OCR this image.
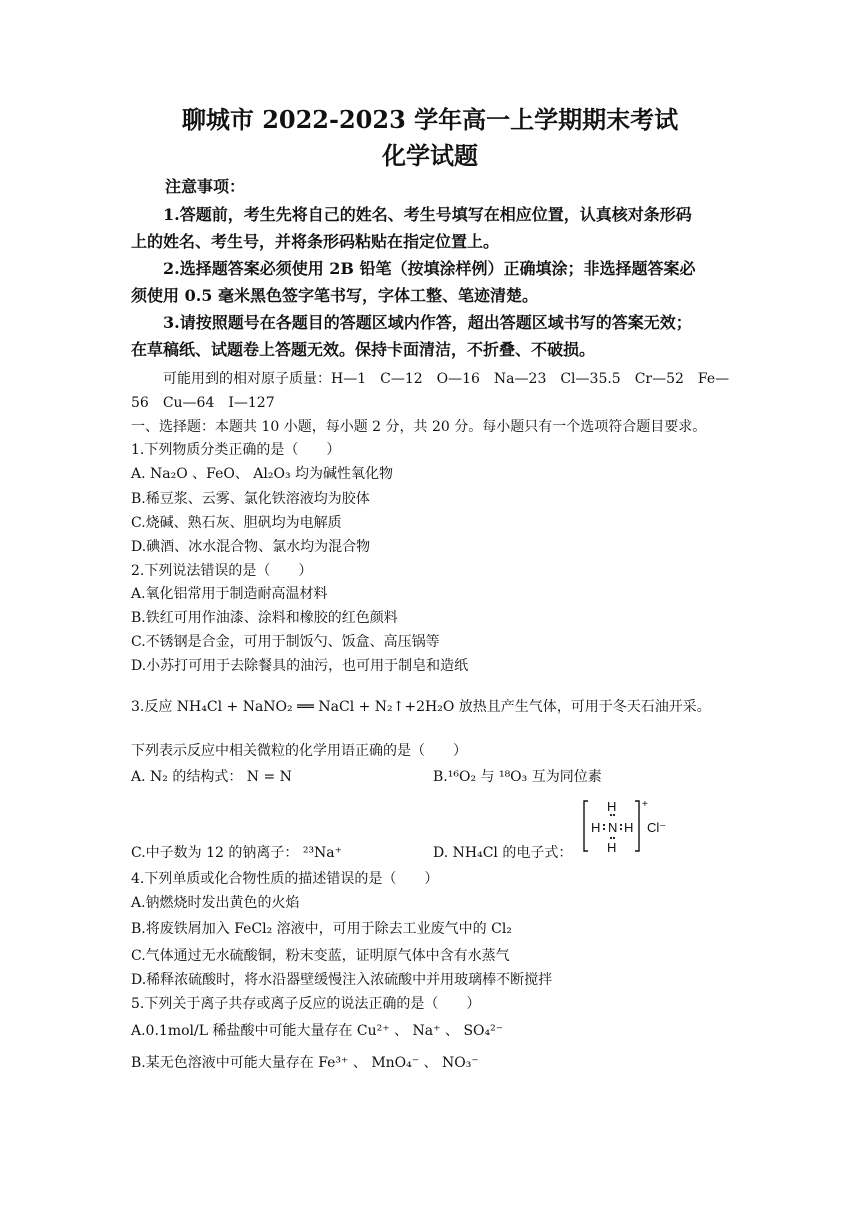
聊城市 2022-2023 学年高一上学期期末考试
化学试题
注意事项：
1.答题前，考生先将自己的姓名、考生号填写在相应位置，认真核对条形码
上的姓名、考生号，并将条形码粘贴在指定位置上。
2.选择题答案必须使用 2B 铅笔（按填涂样例）正确填涂；非选择题答案必
须使用 0.5 毫米黑色签字笔书写，字体工整、笔迹清楚。
3.请按照题号在各题目的答题区域内作答，超出答题区域书写的答案无效；
在草稿纸、试题卷上答题无效。保持卡面清洁，不折叠、不破损。
可能用到的相对原子质量：H—1　C—12　O—16　Na—23　Cl—35.5　Cr—52　Fe—
56　Cu—64　I—127
一、选择题：本题共 10 小题，每小题 2 分，共 20 分。每小题只有一个选项符合题目要求。
1.下列物质分类正确的是（　　）
A. Na₂O 、FeO、 Al₂O₃ 均为碱性氧化物
B.稀豆浆、云雾、氯化铁溶液均为胶体
C.烧碱、熟石灰、胆矾均为电解质
D.碘酒、冰水混合物、氯水均为混合物
2.下列说法错误的是（　　）
A.氧化铝常用于制造耐高温材料
B.铁红可用作油漆、涂料和橡胶的红色颜料
C.不锈钢是合金，可用于制饭勺、饭盒、高压锅等
D.小苏打可用于去除餐具的油污，也可用于制皂和造纸
3.反应 NH₄Cl + NaNO₂ ══ NaCl + N₂↑+2H₂O 放热且产生气体，可用于冬天石油开采。
下列表示反应中相关微粒的化学用语正确的是（　　）
A. N₂ 的结构式： N = N	B.¹⁶O₂ 与 ¹⁸O₃ 互为同位素
C.中子数为 12 的钠离子： ²³Na⁺	D. NH₄Cl 的电子式：
H
H N H
H
+
Cl⁻
4.下列单质或化合物性质的描述错误的是（　　）
A.钠燃烧时发出黄色的火焰
B.将废铁屑加入 FeCl₂ 溶液中，可用于除去工业废气中的 Cl₂
C.气体通过无水硫酸铜，粉末变蓝，证明原气体中含有水蒸气
D.稀释浓硫酸时，将水沿器壁缓慢注入浓硫酸中并用玻璃棒不断搅拌
5.下列关于离子共存或离子反应的说法正确的是（　　）
A.0.1mol/L 稀盐酸中可能大量存在 Cu²⁺ 、 Na⁺ 、 SO₄²⁻
B.某无色溶液中可能大量存在 Fe³⁺ 、 MnO₄⁻ 、 NO₃⁻
